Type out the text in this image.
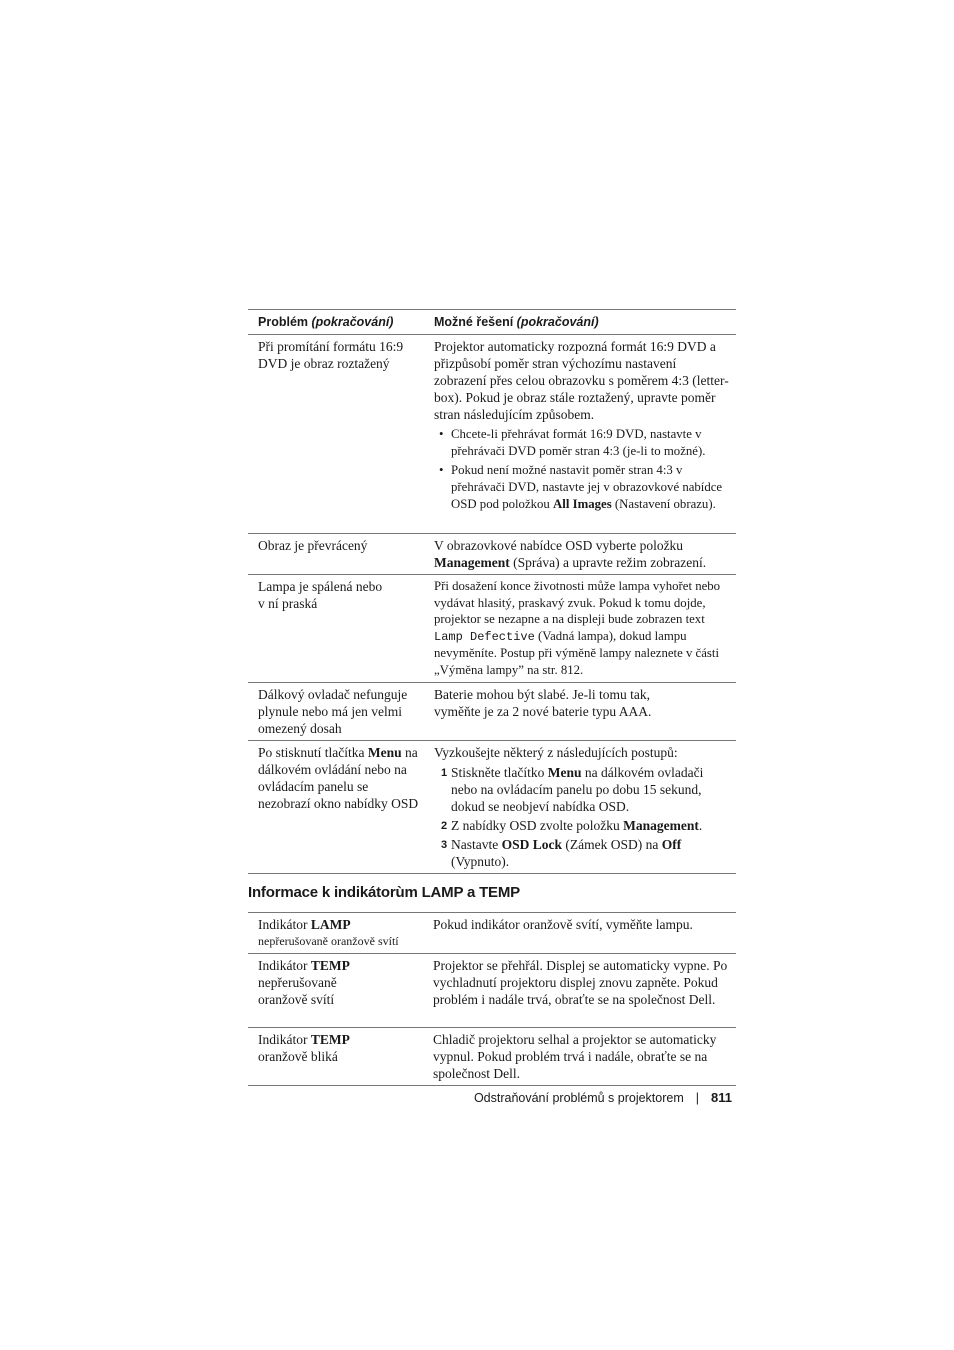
Problém (pokračování)	Možné řešení (pokračování)
Při promítání formátu 16:9 DVD je obraz roztažený
Projektor automaticky rozpozná formát 16:9 DVD a přizpůsobí poměr stran výchozímu nastavení zobrazení přes celou obrazovku s poměrem 4:3 (letter-box). Pokud je obraz stále roztažený, upravte poměr stran následujícím způsobem.
• Chcete-li přehrávat formát 16:9 DVD, nastavte v přehrávači DVD poměr stran 4:3 (je-li to možné).
• Pokud není možné nastavit poměr stran 4:3 v přehrávači DVD, nastavte jej v obrazovkové nabídce OSD pod položkou All Images (Nastavení obrazu).
Obraz je převrácený	V obrazovkové nabídce OSD vyberte položku Management (Správa) a upravte režim zobrazení.
Lampa je spálená nebo
v ní praská
Při dosažení konce životnosti může lampa vyhořet nebo vydávat hlasitý, praskavý zvuk. Pokud k tomu dojde, projektor se nezapne a na displeji bude zobrazen text Lamp Defective (Vadná lampa), dokud lampu nevyměníte. Postup při výměně lampy naleznete v části „Výměna lampy” na str. 812.
Dálkový ovladač nefunguje plynule nebo má jen velmi omezený dosah
Baterie mohou být slabé. Je-li tomu tak,
vyměňte je za 2 nové baterie typu AAA.
Po stisknutí tlačítka Menu na dálkovém ovládání nebo na ovládacím panelu se nezobrazí okno nabídky OSD
Vyzkoušejte některý z následujících postupů:
1 Stiskněte tlačítko Menu na dálkovém ovladači nebo na ovládacím panelu po dobu 15 sekund, dokud se neobjeví nabídka OSD.
2 Z nabídky OSD zvolte položku Management.
3 Nastavte OSD Lock (Zámek OSD) na Off (Vypnuto).
Informace k indikátorùm LAMP a TEMP
Indikátor LAMP
nepřerušovaně oranžově svítí
Pokud indikátor oranžově svítí, vyměňte lampu.
Indikátor TEMP
nepřerušovaně
oranžově svítí
Projektor se přehřál. Displej se automaticky vypne. Po vychladnutí projektoru displej znovu zapněte. Pokud problém i nadále trvá, obraťte se na společnost Dell.
Indikátor TEMP
oranžově bliká
Chladič projektoru selhal a projektor se automaticky vypnul. Pokud problém trvá i nadále, obraťte se na společnost Dell.
Odstraňování problémů s projektorem | 811
